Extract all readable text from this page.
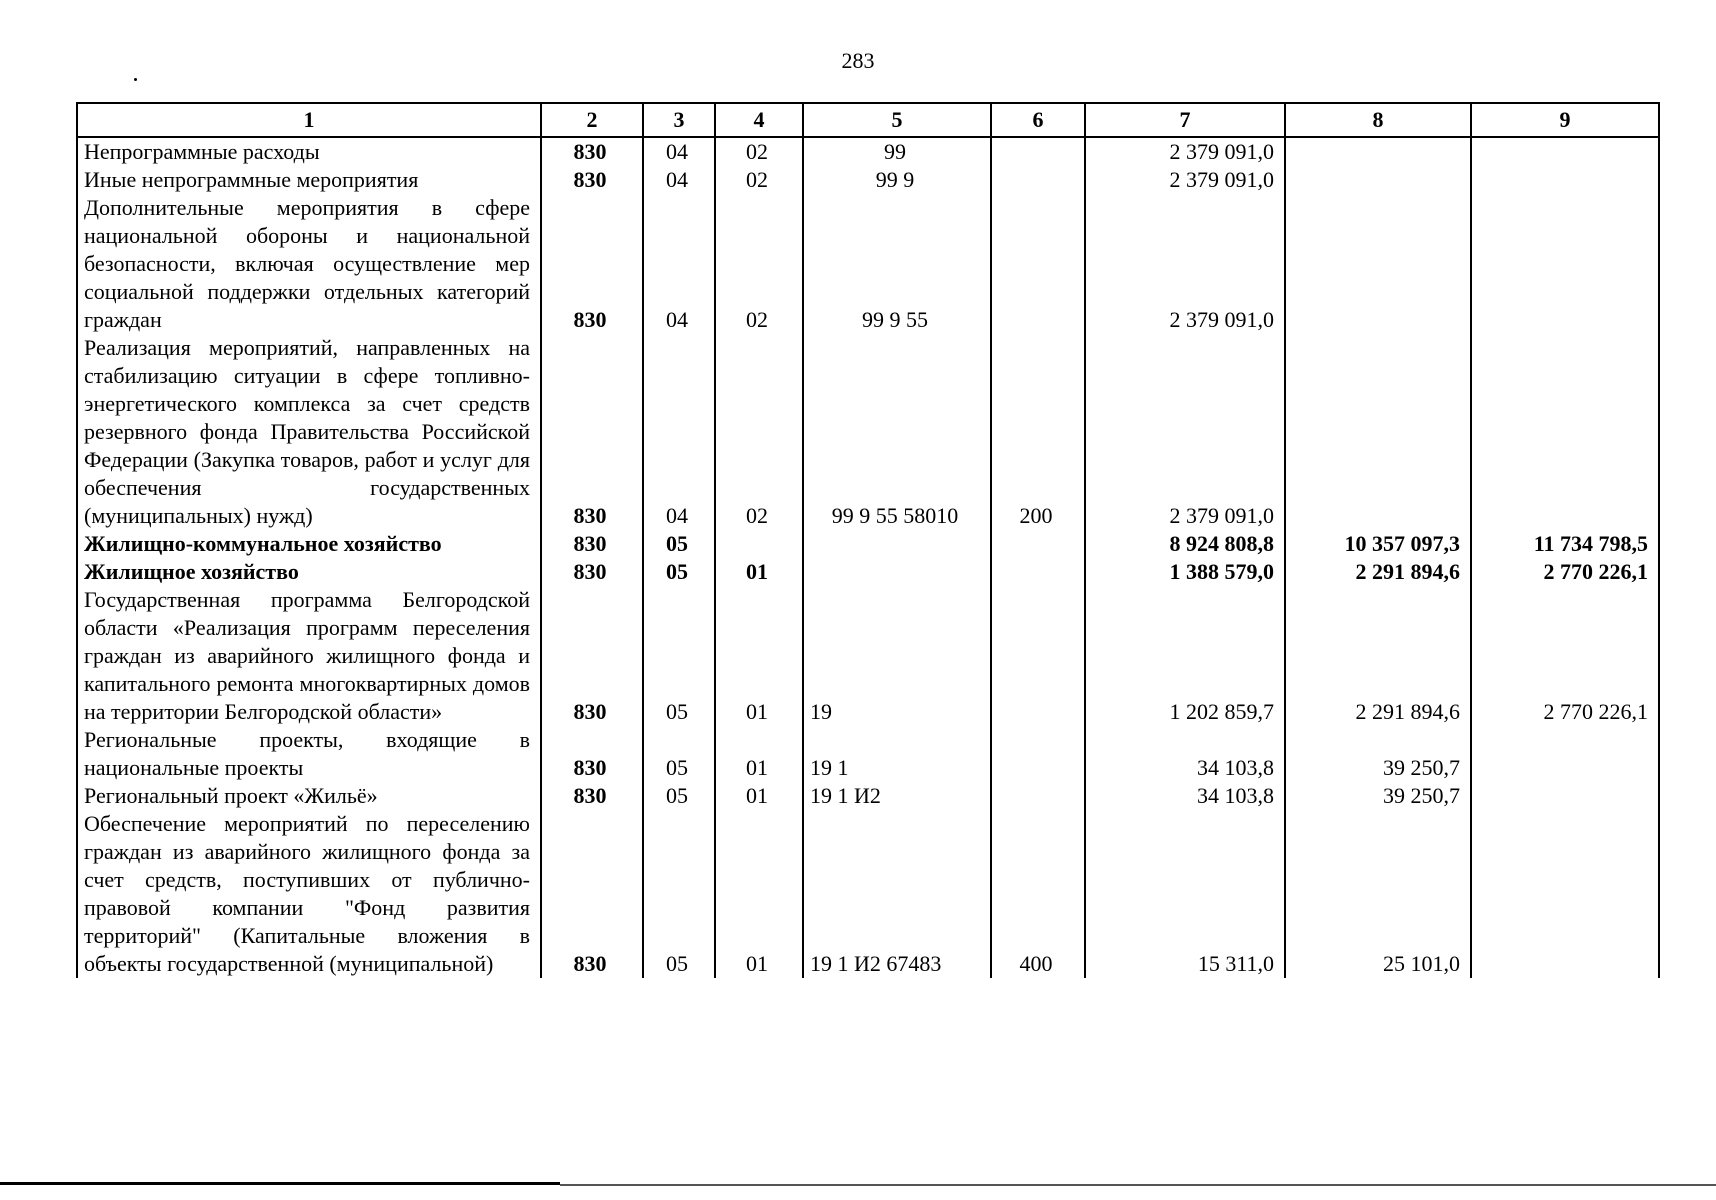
283
1	2	3	4	5	6	7	8	9
Непрограммные расходы	830	04	02	99		2 379 091,0		
Иные непрограммные мероприятия	830	04	02	99 9		2 379 091,0		
Дополнительные мероприятия в сфере национальной обороны и национальной безопасности, включая осуществление мер социальной поддержки отдельных категорий граждан	830	04	02	99 9 55		2 379 091,0		
Реализация мероприятий, направленных на стабилизацию ситуации в сфере топливно-энергетического комплекса за счет средств резервного фонда Правительства Российской Федерации (Закупка товаров, работ и услуг для обеспечения государственных (муниципальных) нужд)	830	04	02	99 9 55 58010	200	2 379 091,0		
Жилищно-коммунальное хозяйство	830	05				8 924 808,8	10 357 097,3	11 734 798,5
Жилищное хозяйство	830	05	01			1 388 579,0	2 291 894,6	2 770 226,1
Государственная программа Белгородской области «Реализация программ переселения граждан из аварийного жилищного фонда и капитального ремонта многоквартирных домов на территории Белгородской области»	830	05	01	19		1 202 859,7	2 291 894,6	2 770 226,1
Региональные проекты, входящие в национальные проекты	830	05	01	19 1		34 103,8	39 250,7	
Региональный проект «Жильё»	830	05	01	19 1 И2		34 103,8	39 250,7	
Обеспечение мероприятий по переселению граждан из аварийного жилищного фонда за счет средств, поступивших от публично-правовой компании "Фонд развития территорий" (Капитальные вложения в объекты государственной (муниципальной)	830	05	01	19 1 И2 67483	400	15 311,0	25 101,0	
